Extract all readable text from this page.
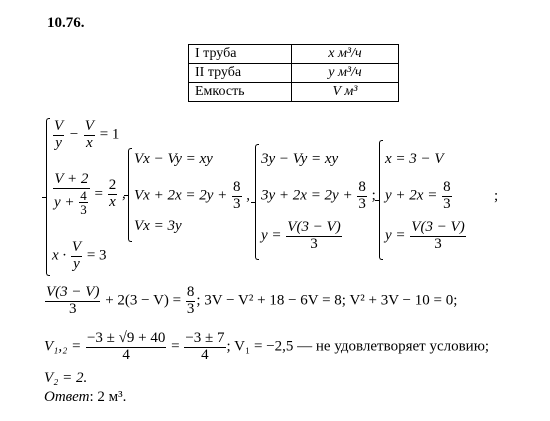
10.76.
I труба	x м³/ч
II труба	y м³/ч
Емкость	V м³
$\frac{V}{y} - \frac{V}{x} = 1$
$\frac{V + 2}{y + \frac{4}{3}} = \frac{2}{x}$ ,
$x \cdot \frac{V}{y} = 3$
Vx − Vy = xy
$Vx + 2x = 2y + \frac{8}{3}$ ,
Vx = 3y
3y − Vy = xy
$3y + 2x = 2y + \frac{8}{3}$ ;
$y = \frac{V(3 - V)}{3}$
x = 3 − V
$y + 2x = \frac{8}{3}$
$y = \frac{V(3 - V)}{3}$
;
$\frac{V(3 - V)}{3} + 2(3 - V) = \frac{8}{3}$ ; 3V − V² + 18 − 6V = 8; V² + 3V − 10 = 0;
$V_1,_2 = \frac{-3 \pm √9 + 40}{4} = \frac{-3 \pm 7}{4}$ ; V₁ = −2,5 — не удовлетворяет условию;
V₂ = 2.
Ответ: 2 м³.
